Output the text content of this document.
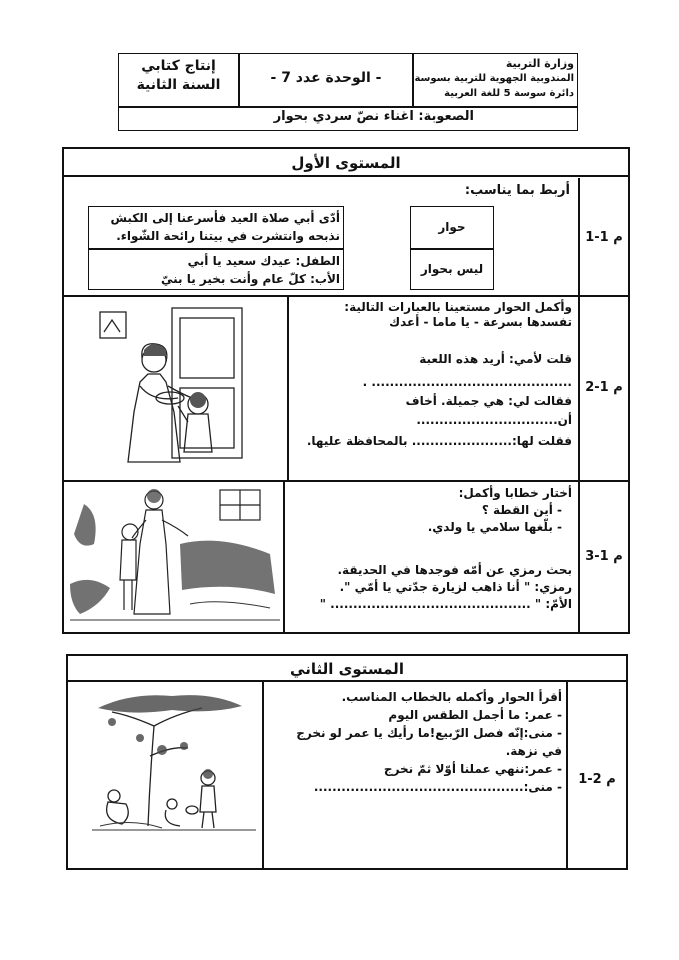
وزارة التربية
المندوبية الجهوية للتربية بسوسة
دائرة سوسة 5 للغة العربية
- الوحدة عدد 7 -
إنتاج كتابي
السنة الثانية
الصعوبة: اغناء نصّ سردي بحوار
المستوى الأول
م 1-1
أربط بما يناسب:
أدّى أبي صلاة العيد فأسرعنا إلى الكبش
نذبحه وانتشرت في بيتنا رائحة الشّواء.
الطفل: عيدك سعيد يا أبي
الأب: كلّ عام وأنت بخير يا بنيّ
حوار
ليس بحوار
م 1-2
وأكمل الحوار مستعينا بالعبارات التالية:
تفسدها بسرعة - يا ماما - أعدك
قلت لأمي: أريد هذه اللعبة
............................................ .
فقالت لي: هي جميلة. أخاف
أن...............................
فقلت لها:...................... بالمحافظة عليها.
م 1-3
أختار خطابا وأكمل:
- أين القطة ؟
- بلّغها سلامي يا ولدي.
بحث رمزي عن أمّه فوجدها في الحديقة.
رمزي: " أنا ذاهب لزيارة جدّتي يا أمّي ".
الأمّ: " ............................................ "
المستوى الثاني
م 2-1
أقرأ الحوار وأكمله بالخطاب المناسب.
- عمر: ما أجمل الطقس اليوم
- منى:إنّه فصل الرّبيع!ما رأيك يا عمر لو نخرج
في نزهة.
- عمر:ننهي عملنا أوّلا ثمّ نخرج
- منى:..............................................
